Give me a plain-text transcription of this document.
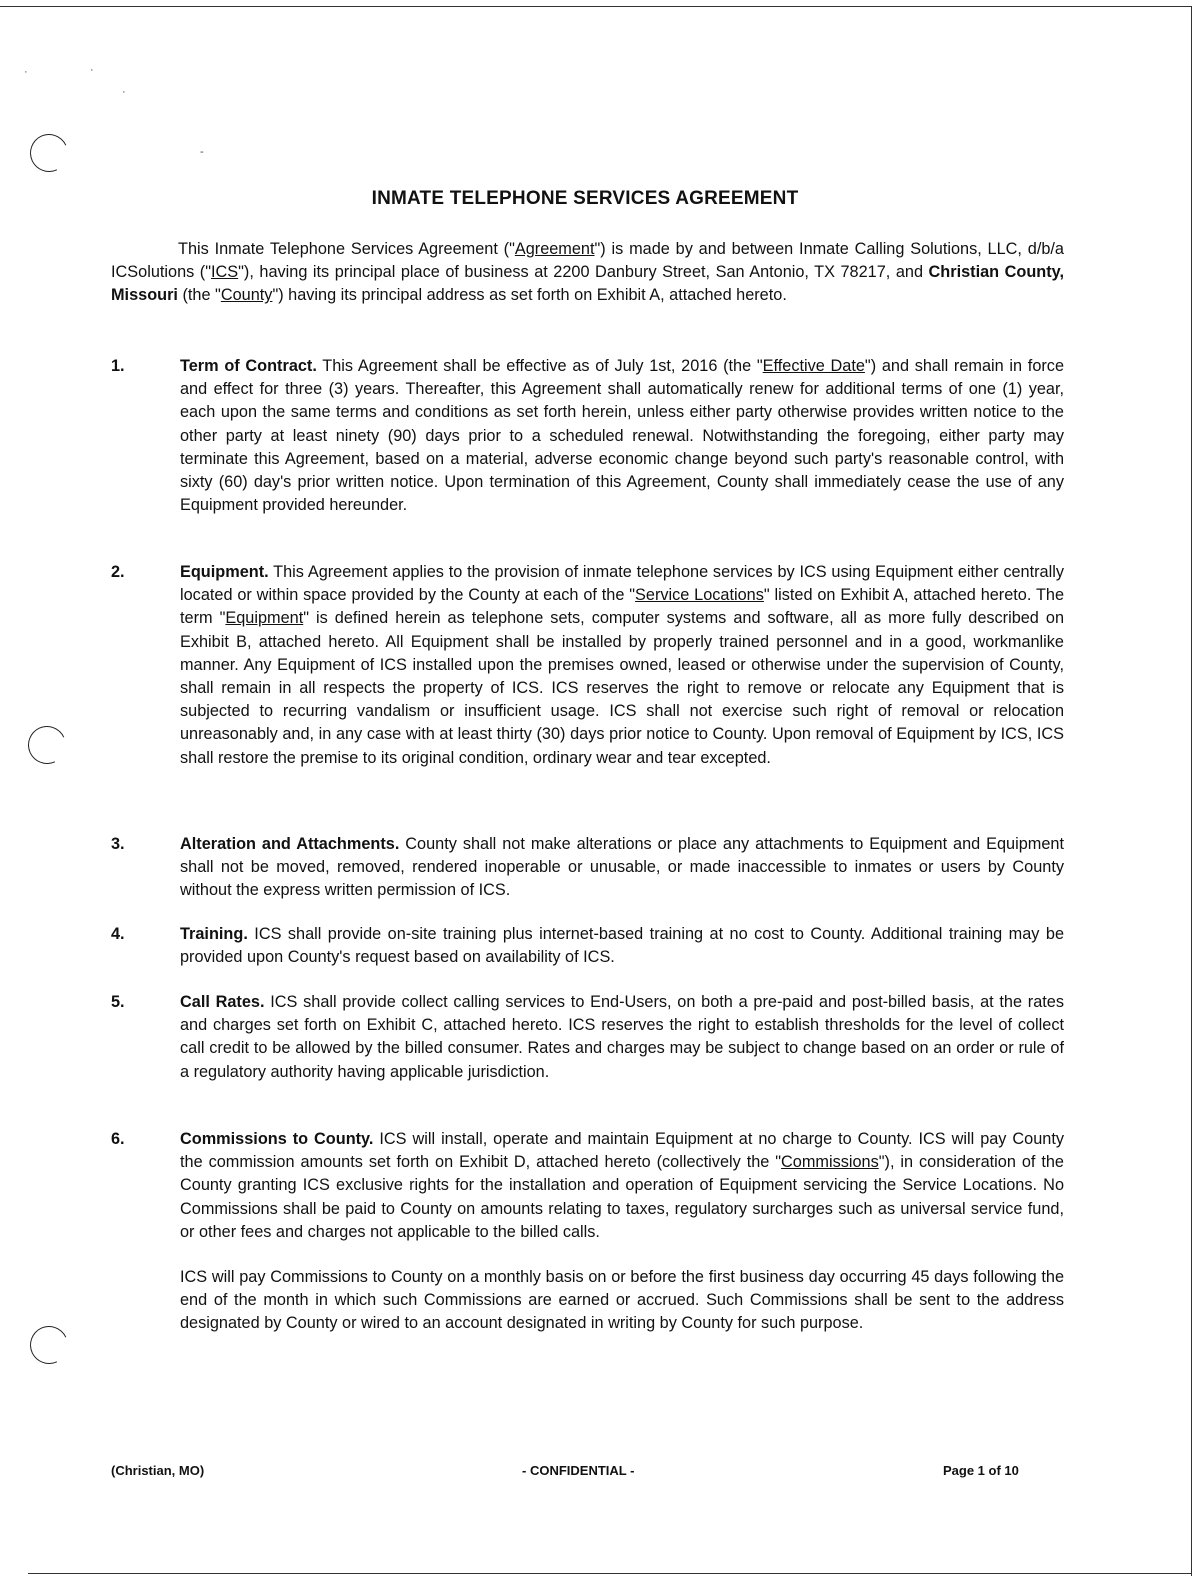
·	·
·
-
INMATE TELEPHONE SERVICES AGREEMENT

This Inmate Telephone Services Agreement ("Agreement") is made by and between Inmate Calling Solutions, LLC, d/b/a ICSolutions ("ICS"), having its principal place of business at 2200 Danbury Street, San Antonio, TX 78217, and Christian County, Missouri (the "County") having its principal address as set forth on Exhibit A, attached hereto.

1.	Term of Contract. This Agreement shall be effective as of July 1st, 2016 (the "Effective Date") and shall remain in force and effect for three (3) years. Thereafter, this Agreement shall automatically renew for additional terms of one (1) year, each upon the same terms and conditions as set forth herein, unless either party otherwise provides written notice to the other party at least ninety (90) days prior to a scheduled renewal. Notwithstanding the foregoing, either party may terminate this Agreement, based on a material, adverse economic change beyond such party's reasonable control, with sixty (60) day's prior written notice. Upon termination of this Agreement, County shall immediately cease the use of any Equipment provided hereunder.
2.	Equipment. This Agreement applies to the provision of inmate telephone services by ICS using Equipment either centrally located or within space provided by the County at each of the "Service Locations" listed on Exhibit A, attached hereto. The term "Equipment" is defined herein as telephone sets, computer systems and software, all as more fully described on Exhibit B, attached hereto. All Equipment shall be installed by properly trained personnel and in a good, workmanlike manner. Any Equipment of ICS installed upon the premises owned, leased or otherwise under the supervision of County, shall remain in all respects the property of ICS. ICS reserves the right to remove or relocate any Equipment that is subjected to recurring vandalism or insufficient usage. ICS shall not exercise such right of removal or relocation unreasonably and, in any case with at least thirty (30) days prior notice to County. Upon removal of Equipment by ICS, ICS shall restore the premise to its original condition, ordinary wear and tear excepted.
3.	Alteration and Attachments. County shall not make alterations or place any attachments to Equipment and Equipment shall not be moved, removed, rendered inoperable or unusable, or made inaccessible to inmates or users by County without the express written permission of ICS.
4.	Training. ICS shall provide on-site training plus internet-based training at no cost to County. Additional training may be provided upon County's request based on availability of ICS.
5.	Call Rates. ICS shall provide collect calling services to End-Users, on both a pre-paid and post-billed basis, at the rates and charges set forth on Exhibit C, attached hereto. ICS reserves the right to establish thresholds for the level of collect call credit to be allowed by the billed consumer. Rates and charges may be subject to change based on an order or rule of a regulatory authority having applicable jurisdiction.
6.	Commissions to County. ICS will install, operate and maintain Equipment at no charge to County. ICS will pay County the commission amounts set forth on Exhibit D, attached hereto (collectively the "Commissions"), in consideration of the County granting ICS exclusive rights for the installation and operation of Equipment servicing the Service Locations. No Commissions shall be paid to County on amounts relating to taxes, regulatory surcharges such as universal service fund, or other fees and charges not applicable to the billed calls.
ICS will pay Commissions to County on a monthly basis on or before the first business day occurring 45 days following the end of the month in which such Commissions are earned or accrued. Such Commissions shall be sent to the address designated by County or wired to an account designated in writing by County for such purpose.
(Christian, MO)	- CONFIDENTIAL -	Page 1 of 10
